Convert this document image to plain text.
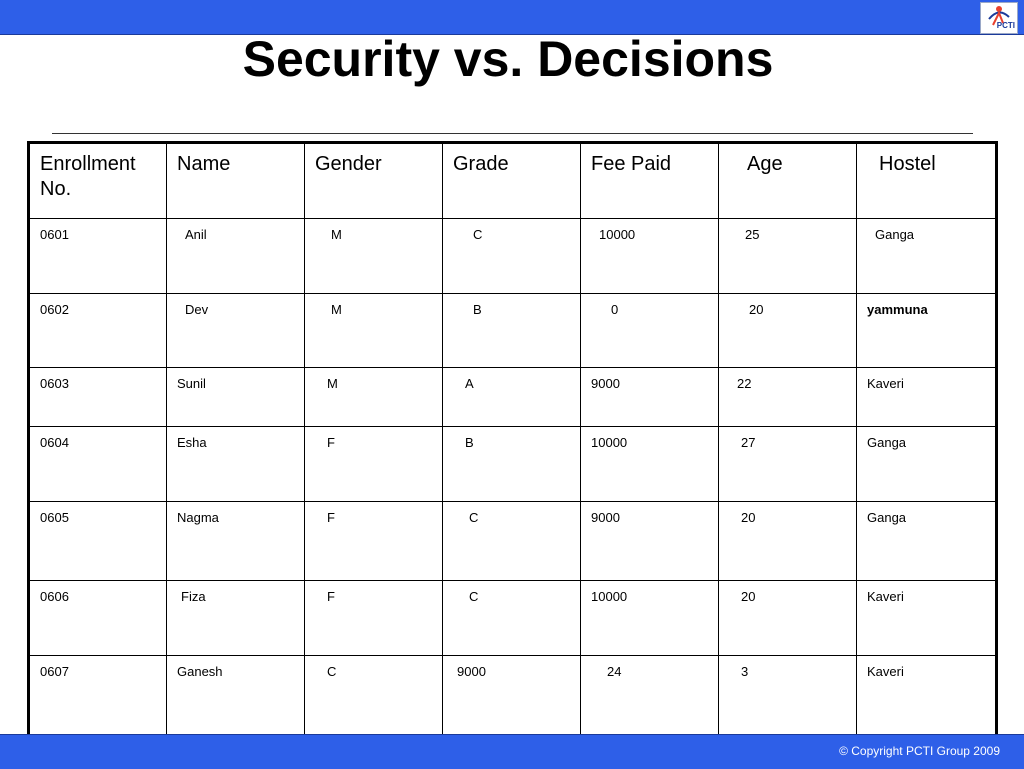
PCTI
Security vs. Decisions
Enrollment No.	Name	Gender	Grade	Fee Paid	Age	Hostel
0601	Anil	M	C	10000	25	Ganga
0602	Dev	M	B	0	20	yammuna
0603	Sunil	M	A	9000	22	Kaveri
0604	Esha	F	B	10000	27	Ganga
0605	Nagma	F	C	9000	20	Ganga
0606	Fiza	F	C	10000	20	Kaveri
0607	Ganesh	C	9000	24	3	Kaveri
© Copyright PCTI Group 2009
